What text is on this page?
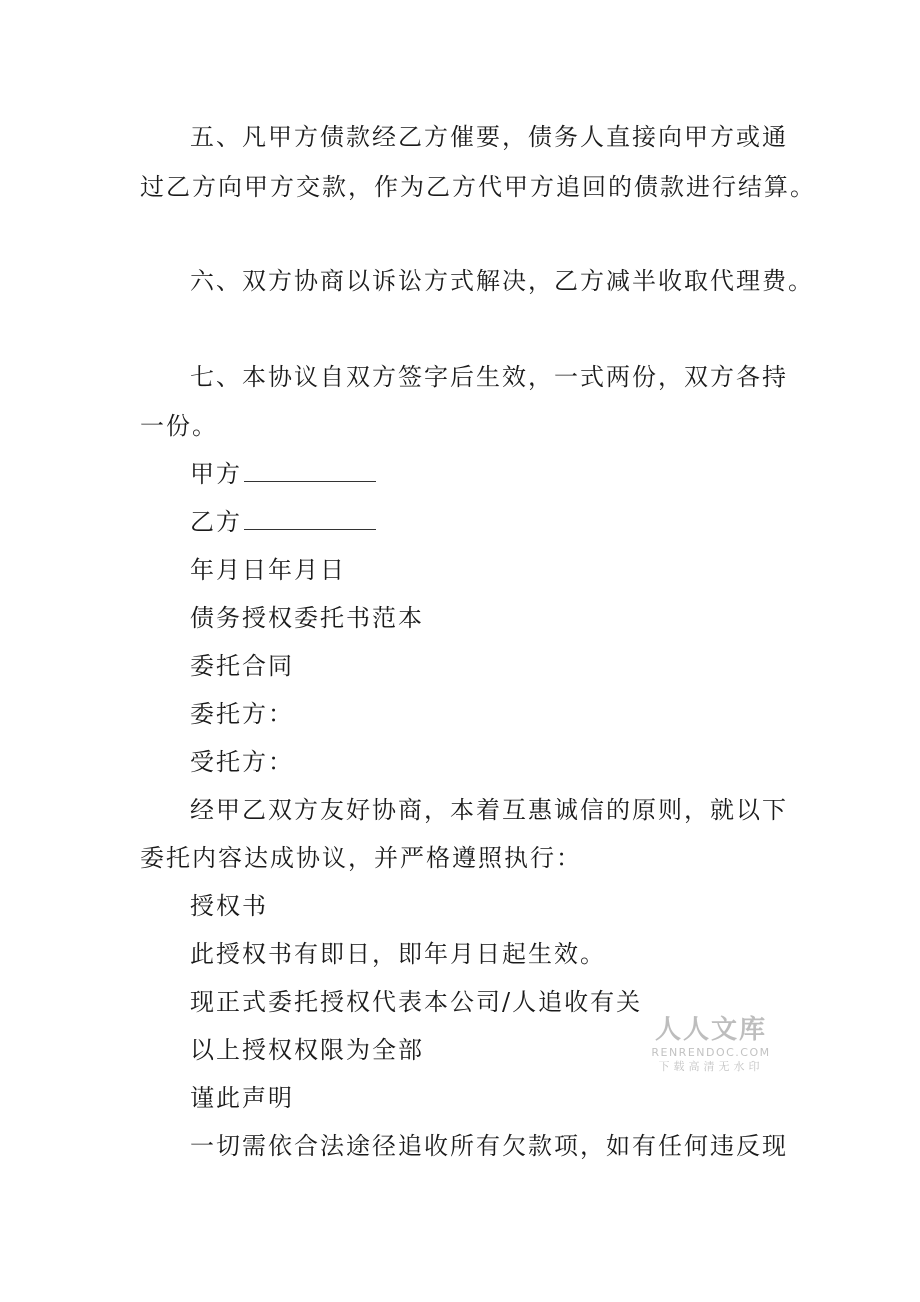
五、凡甲方债款经乙方催要，债务人直接向甲方或通
过乙方向甲方交款，作为乙方代甲方追回的债款进行结算。
六、双方协商以诉讼方式解决，乙方减半收取代理费。
七、本协议自双方签字后生效，一式两份，双方各持
一份。
甲方
乙方
年月日年月日
债务授权委托书范本
委托合同
委托方：
受托方：
经甲乙双方友好协商，本着互惠诚信的原则，就以下
委托内容达成协议，并严格遵照执行：
授权书
此授权书有即日，即年月日起生效。
现正式委托授权代表本公司/人追收有关
以上授权权限为全部
谨此声明
一切需依合法途径追收所有欠款项，如有任何违反现
人人文库
RENRENDOC.COM
下载高清无水印
